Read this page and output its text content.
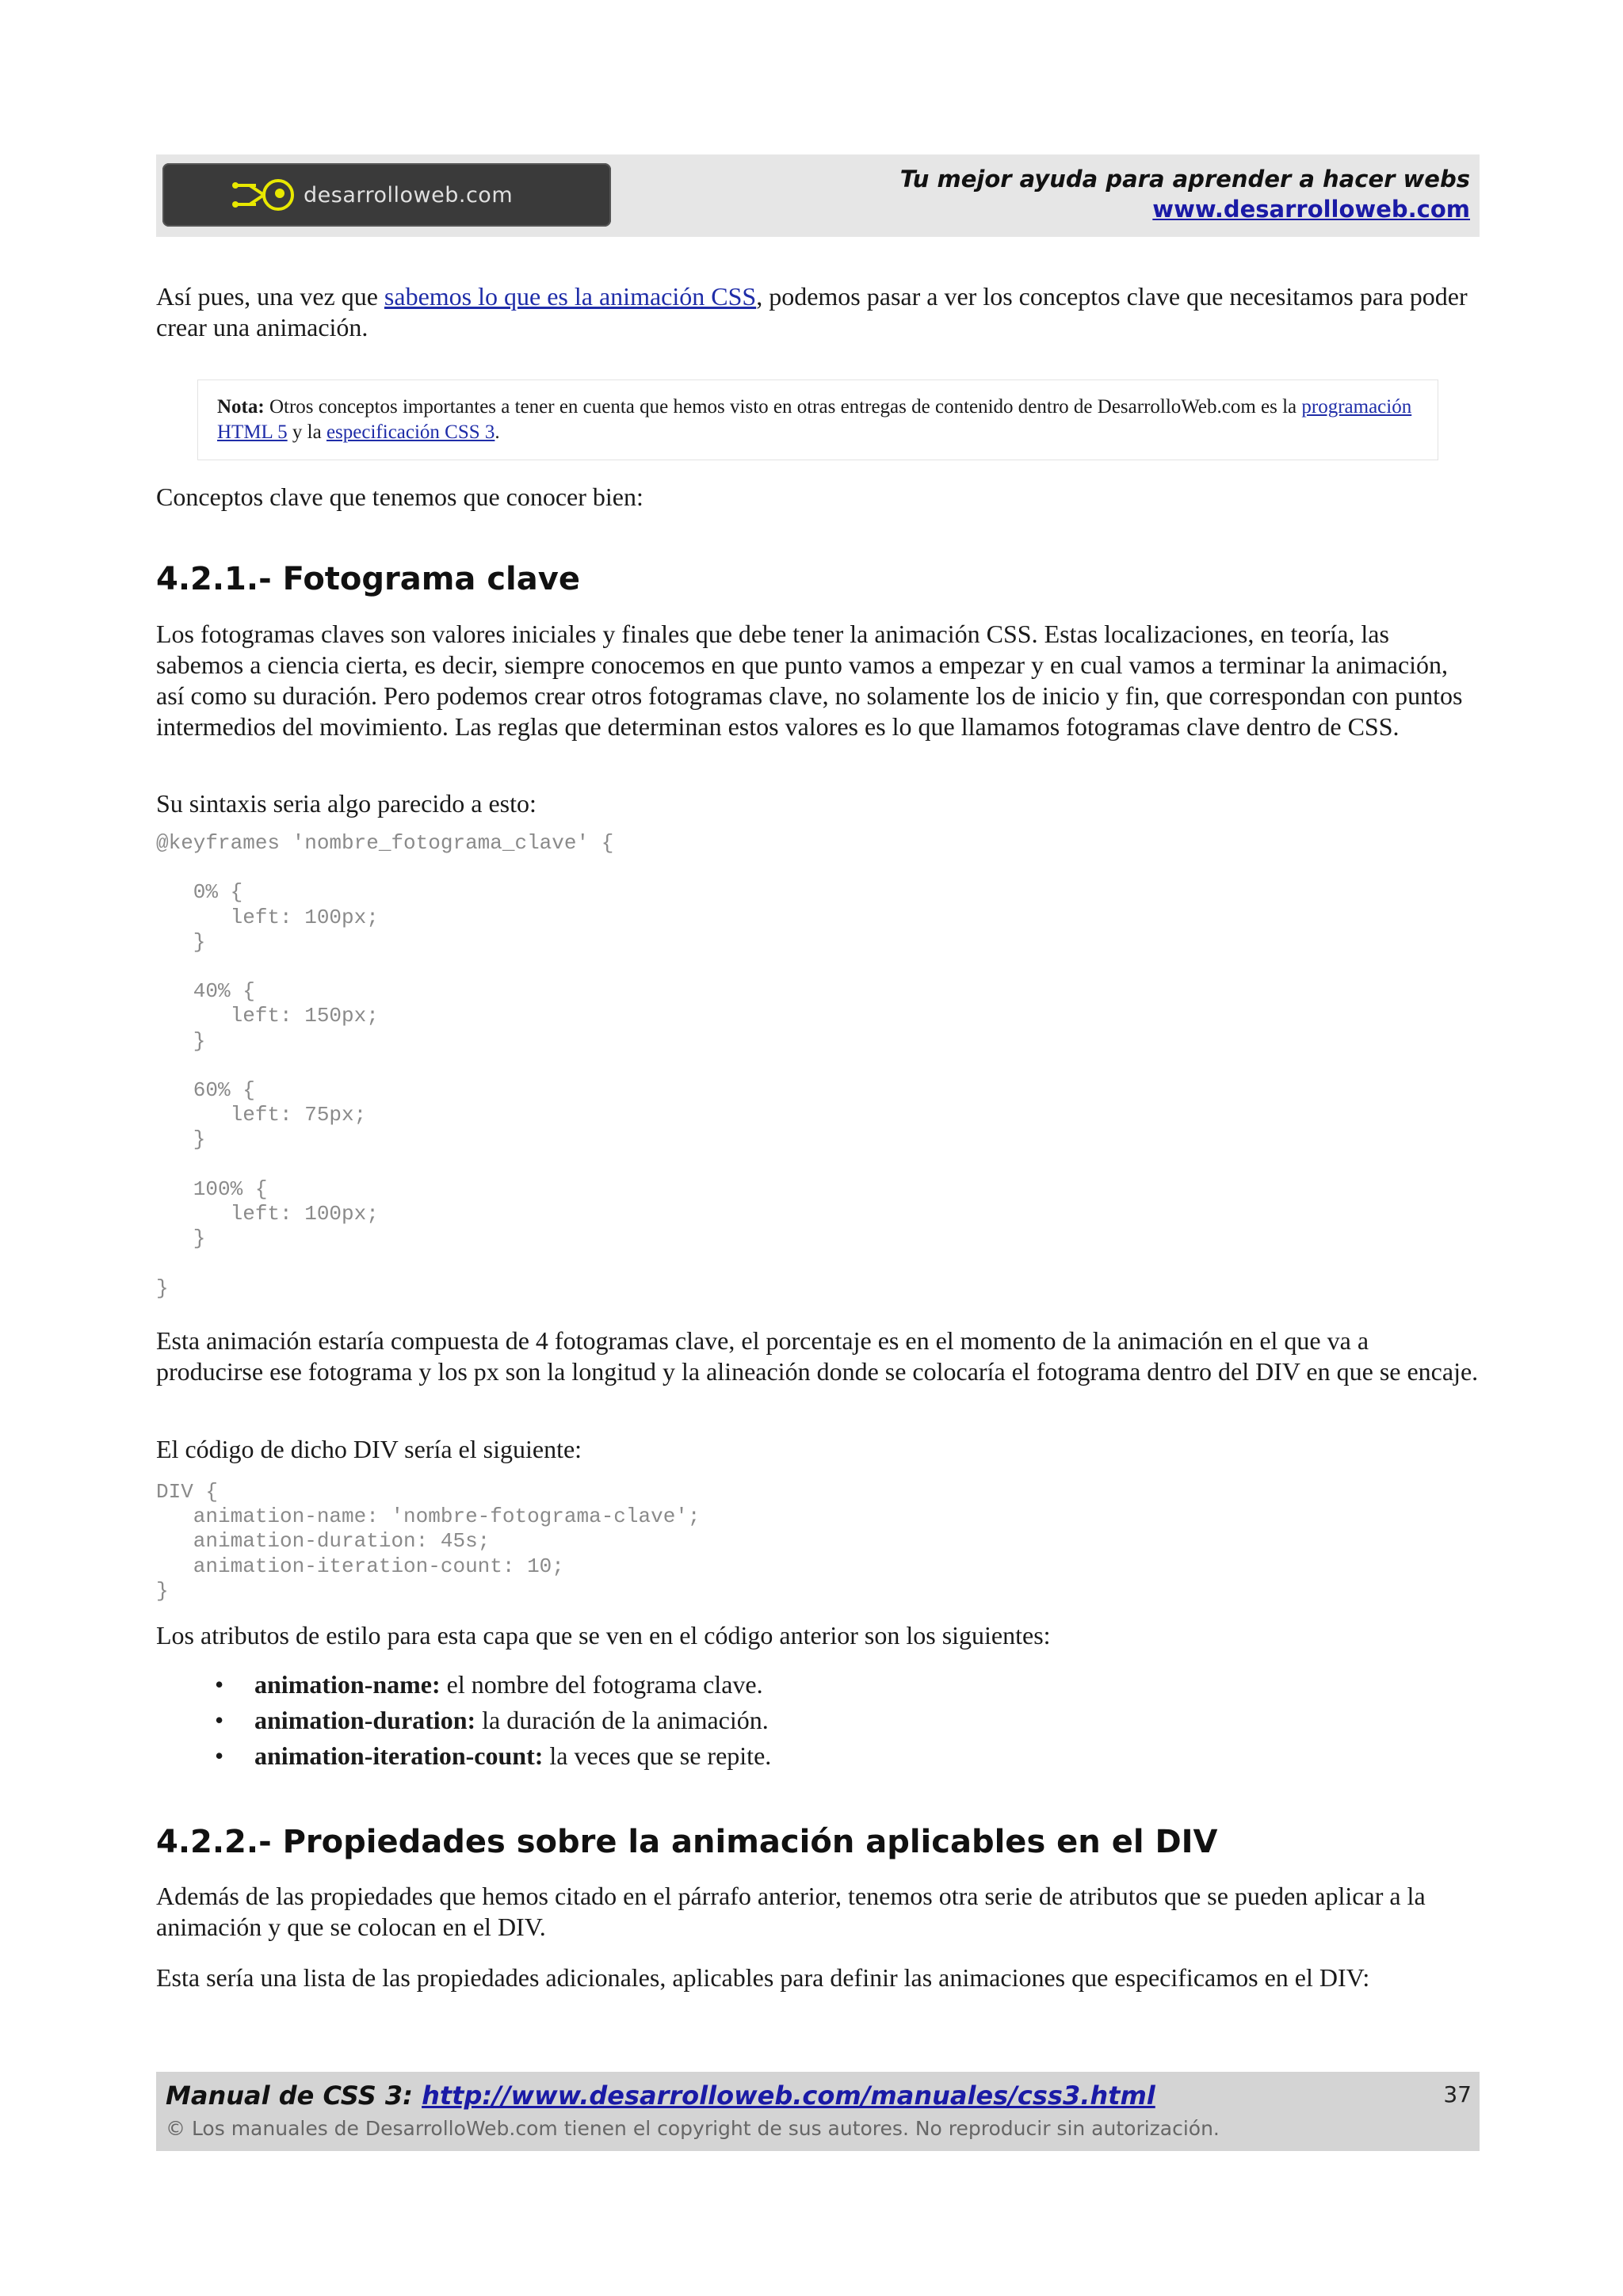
desarrolloweb.com
Tu mejor ayuda para aprender a hacer webs
www.desarrolloweb.com

Así pues, una vez que sabemos lo que es la animación CSS, podemos pasar a ver los conceptos clave que necesitamos para poder crear una animación.

Nota: Otros conceptos importantes a tener en cuenta que hemos visto en otras entregas de contenido dentro de DesarrolloWeb.com es la programación HTML 5 y la especificación CSS 3.

Conceptos clave que tenemos que conocer bien:

4.2.1.- Fotograma clave

Los fotogramas claves son valores iniciales y finales que debe tener la animación CSS. Estas localizaciones, en teoría, las sabemos a ciencia cierta, es decir, siempre conocemos en que punto vamos a empezar y en cual vamos a terminar la animación, así como su duración. Pero podemos crear otros fotogramas clave, no solamente los de inicio y fin, que correspondan con puntos intermedios del movimiento. Las reglas que determinan estos valores es lo que llamamos fotogramas clave dentro de CSS.

Su sintaxis seria algo parecido a esto:

@keyframes 'nombre_fotograma_clave' {

0% {
left: 100px;
}

40% {
left: 150px;
}

60% {
left: 75px;
}

100% {
left: 100px;
}

}

Esta animación estaría compuesta de 4 fotogramas clave, el porcentaje es en el momento de la animación en el que va a producirse ese fotograma y los px son la longitud y la alineación donde se colocaría el fotograma dentro del DIV en que se encaje.

El código de dicho DIV sería el siguiente:

DIV {
animation-name: 'nombre-fotograma-clave';
animation-duration: 45s;
animation-iteration-count: 10;
}

Los atributos de estilo para esta capa que se ven en el código anterior son los siguientes:

• animation-name: el nombre del fotograma clave.
• animation-duration: la duración de la animación.
• animation-iteration-count: la veces que se repite.
4.2.2.- Propiedades sobre la animación aplicables en el DIV

Además de las propiedades que hemos citado en el párrafo anterior, tenemos otra serie de atributos que se pueden aplicar a la animación y que se colocan en el DIV.

Esta sería una lista de las propiedades adicionales, aplicables para definir las animaciones que especificamos en el DIV:

Manual de CSS 3: http://www.desarrolloweb.com/manuales/css3.html
© Los manuales de DesarrolloWeb.com tienen el copyright de sus autores. No reproducir sin autorización.
37
